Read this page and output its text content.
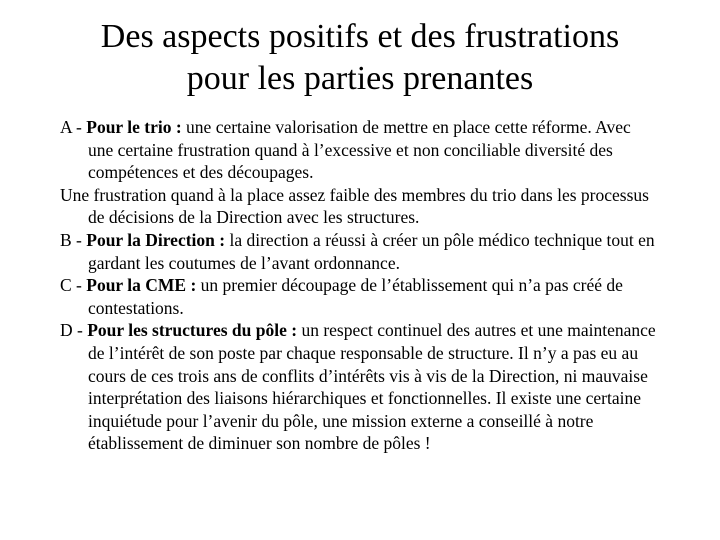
Des aspects positifs et des frustrations
pour les parties prenantes

A - Pour le trio : une certaine valorisation de mettre en place cette réforme. Avec une certaine frustration quand à l’excessive et non conciliable diversité des compétences et des découpages.

Une frustration quand à la place assez faible des membres du trio dans les processus de décisions de la Direction avec les structures.

B - Pour la Direction : la direction a réussi à créer un pôle médico technique tout en gardant les coutumes de l’avant ordonnance.

C - Pour la CME : un premier découpage de l’établissement qui n’a pas créé de contestations.

D - Pour les structures du pôle : un respect continuel des autres et une maintenance de l’intérêt de son poste par chaque responsable de structure. Il n’y a pas eu au cours de ces trois ans de conflits d’intérêts vis à vis de la Direction, ni mauvaise interprétation des liaisons hiérarchiques et fonctionnelles. Il existe une certaine inquiétude pour l’avenir du pôle, une mission externe a conseillé à notre établissement de diminuer son nombre de pôles !
